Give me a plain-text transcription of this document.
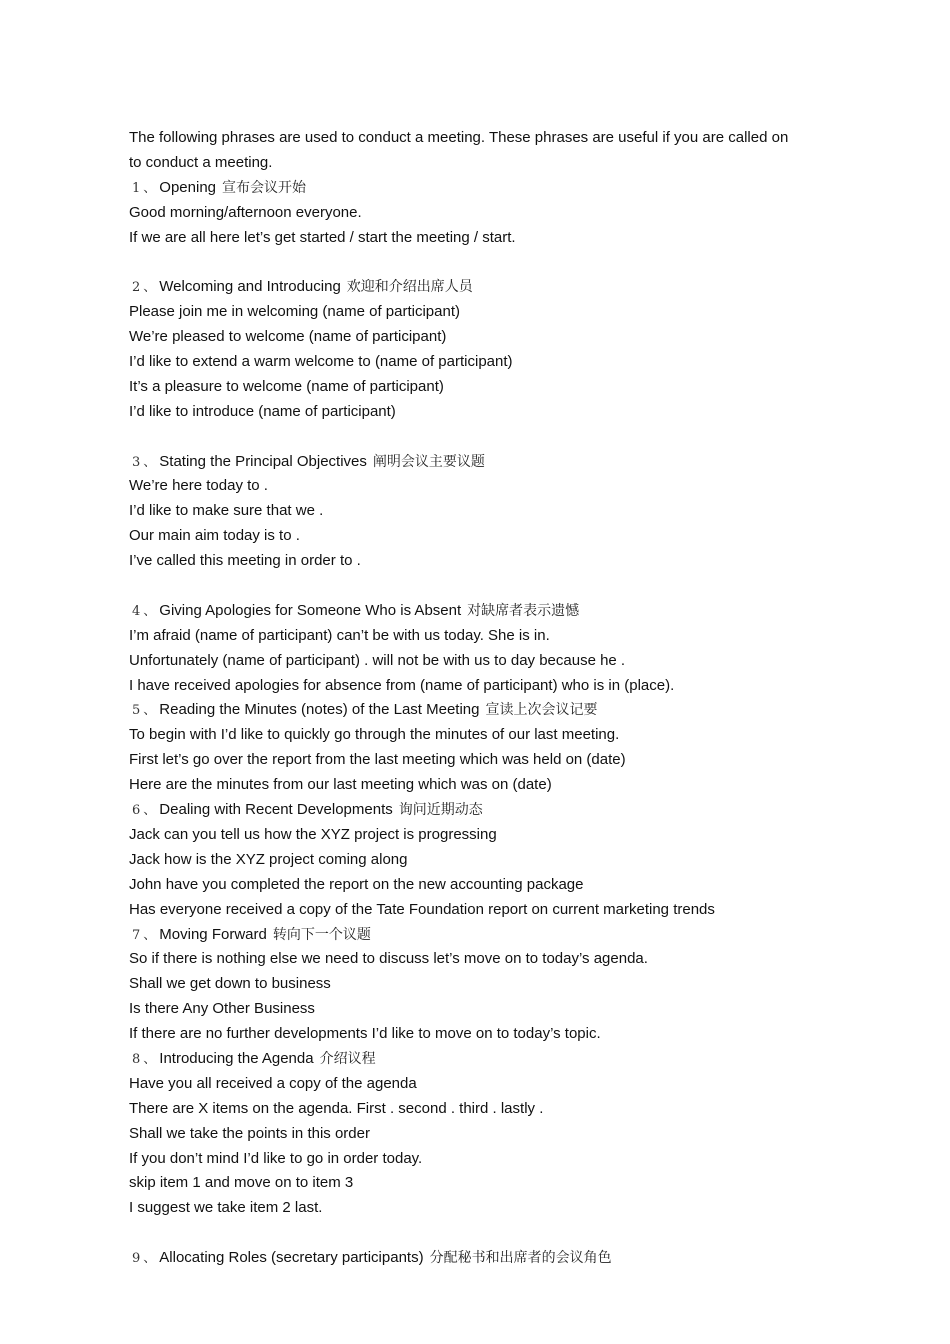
The following phrases are used to conduct a meeting. These phrases are useful if you are called on
to conduct a meeting.
1 、 Opening 宣布会议开始
Good morning/afternoon everyone.
If we are all here let’s get started / start the meeting / start.
2 、 Welcoming and Introducing 欢迎和介绍出席人员
Please join me in welcoming (name of participant)
We’re pleased to welcome (name of participant)
I’d like to extend a warm welcome to (name of participant)
It’s a pleasure to welcome (name of participant)
I’d like to introduce (name of participant)
3 、 Stating the Principal Objectives 阐明会议主要议题
We’re here today to .
I’d like to make sure that we .
Our main aim today is to .
I’ve called this meeting in order to .
4 、 Giving Apologies for Someone Who is Absent 对缺席者表示遗憾
I’m afraid (name of participant) can’t be with us today. She is in.
Unfortunately (name of participant) . will not be with us to day because he .
I have received apologies for absence from (name of participant) who is in (place).
5 、 Reading the Minutes (notes) of the Last Meeting 宣读上次会议记要
To begin with I’d like to quickly go through the minutes of our last meeting.
First let’s go over the report from the last meeting which was held on (date)
Here are the minutes from our last meeting which was on (date)
6 、 Dealing with Recent Developments 询问近期动态
Jack can you tell us how the XYZ project is progressing
Jack how is the XYZ project coming along
John have you completed the report on the new accounting package
Has everyone received a copy of the Tate Foundation report on current marketing trends
7 、 Moving Forward 转向下一个议题
So if there is nothing else we need to discuss let’s move on to today’s agenda.
Shall we get down to business
Is there Any Other Business
If there are no further developments I’d like to move on to today’s topic.
8 、 Introducing the Agenda 介绍议程
Have you all received a copy of the agenda
There are X items on the agenda. First . second . third . lastly .
Shall we take the points in this order
If you don’t mind I’d like to go in order today.
skip item 1 and move on to item 3
I suggest we take item 2 last.
9 、 Allocating Roles (secretary participants) 分配秘书和出席者的会议角色
